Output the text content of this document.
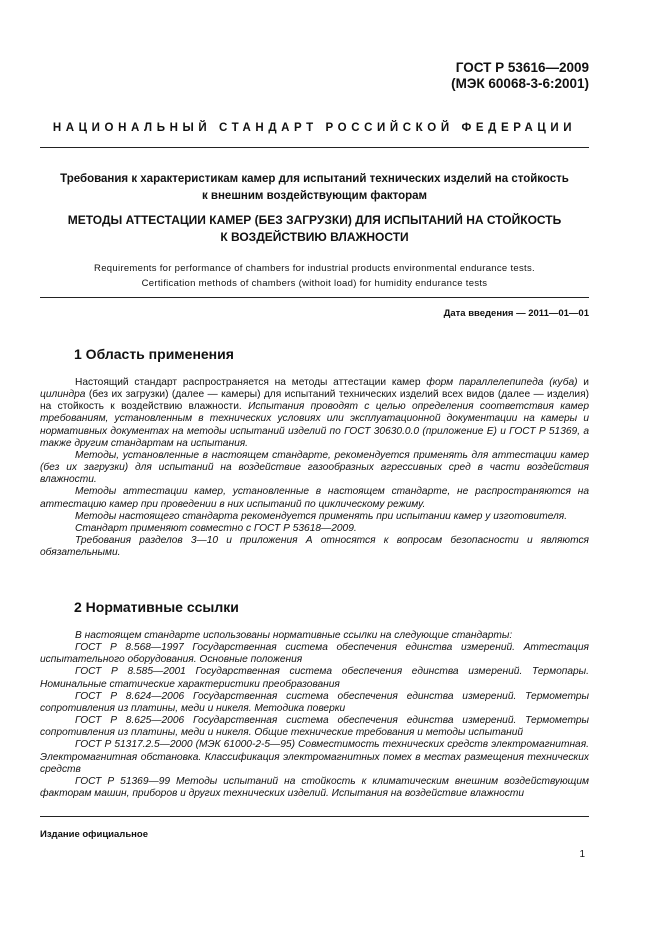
ГОСТ Р 53616—2009
(МЭК 60068-3-6:2001)
НАЦИОНАЛЬНЫЙ СТАНДАРТ РОССИЙСКОЙ ФЕДЕРАЦИИ
Требования к характеристикам камер для испытаний технических изделий на стойкость
к внешним воздействующим факторам
МЕТОДЫ АТТЕСТАЦИИ КАМЕР (БЕЗ ЗАГРУЗКИ) ДЛЯ ИСПЫТАНИЙ НА СТОЙКОСТЬ
К ВОЗДЕЙСТВИЮ ВЛАЖНОСТИ
Requirements for performance of chambers for industrial products environmental endurance tests.
Certification methods of chambers (withoit load) for humidity endurance tests
Дата введения — 2011—01—01
1 Область применения

Настоящий стандарт распространяется на методы аттестации камер форм параллелепипеда (куба) и цилиндра (без их загрузки) (далее — камеры) для испытаний технических изделий всех видов (далее — изделия) на стойкость к воздействию влажности. Испытания проводят с целью определения соответствия камер требованиям, установленным в технических условиях или эксплуатационной документации на камеры и нормативных документах на методы испытаний изделий по ГОСТ 30630.0.0 (приложение Е) и ГОСТ Р 51369, а также другим стандартам на испытания.

Методы, установленные в настоящем стандарте, рекомендуется применять для аттестации камер (без их загрузки) для испытаний на воздействие газообразных агрессивных сред в части воздействия влажности.

Методы аттестации камер, установленные в настоящем стандарте, не распространяются на аттестацию камер при проведении в них испытаний по циклическому режиму.

Методы настоящего стандарта рекомендуется применять при испытании камер у изготовителя.

Стандарт применяют совместно с ГОСТ Р 53618—2009.

Требования разделов 3—10 и приложения А относятся к вопросам безопасности и являются обязательными.

2 Нормативные ссылки

В настоящем стандарте использованы нормативные ссылки на следующие стандарты:

ГОСТ Р 8.568—1997 Государственная система обеспечения единства измерений. Аттестация испытательного оборудования. Основные положения

ГОСТ Р 8.585—2001 Государственная система обеспечения единства измерений. Термопары. Номинальные статические характеристики преобразования

ГОСТ Р 8.624—2006 Государственная система обеспечения единства измерений. Термометры сопротивления из платины, меди и никеля. Методика поверки

ГОСТ Р 8.625—2006 Государственная система обеспечения единства измерений. Термометры сопротивления из платины, меди и никеля. Общие технические требования и методы испытаний

ГОСТ Р 51317.2.5—2000 (МЭК 61000-2-5—95) Совместимость технических средств электромагнитная. Электромагнитная обстановка. Классификация электромагнитных помех в местах размещения технических средств

ГОСТ Р 51369—99 Методы испытаний на стойкость к климатическим внешним воздействующим факторам машин, приборов и других технических изделий. Испытания на воздействие влажности

Издание официальное
1
